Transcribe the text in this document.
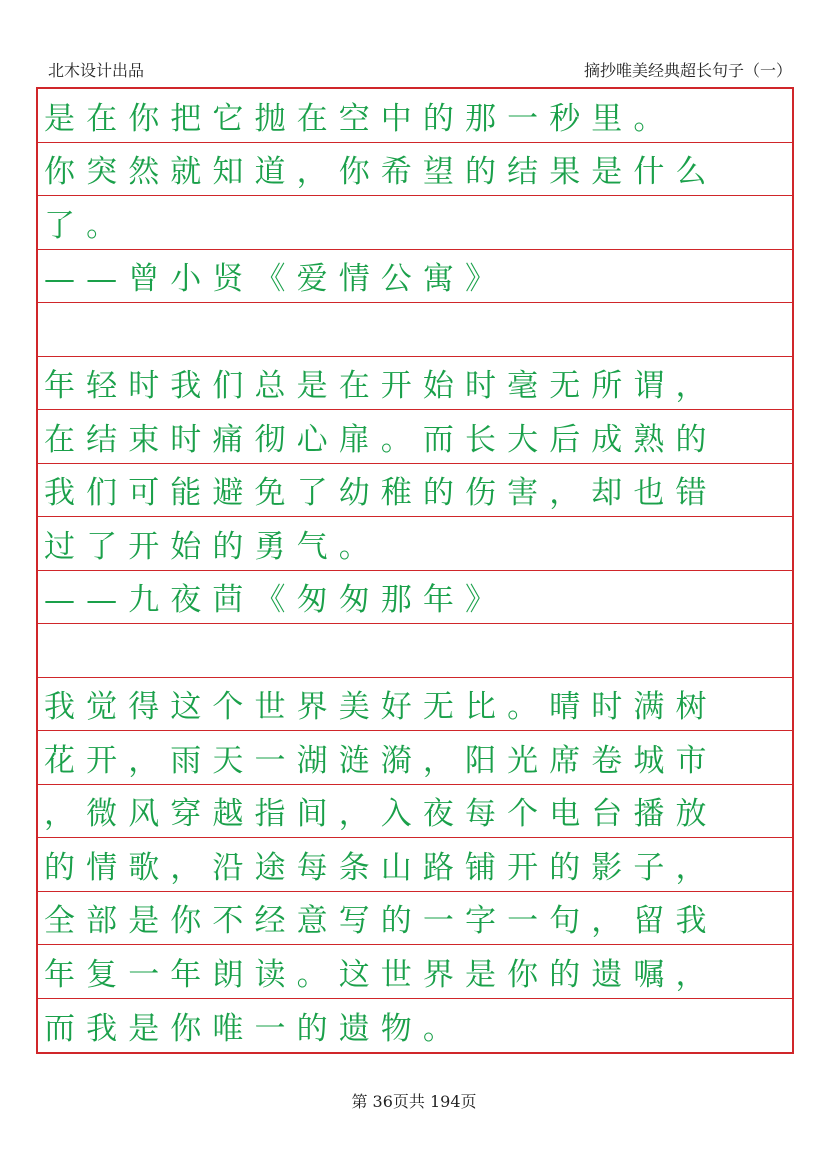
北木设计出品	摘抄唯美经典超长句子（一）
是在你把它抛在空中的那一秒里。
你突然就知道，你希望的结果是什么
了。
——曾小贤《爱情公寓》
年轻时我们总是在开始时毫无所谓，
在结束时痛彻心扉。而长大后成熟的
我们可能避免了幼稚的伤害，却也错
过了开始的勇气。
——九夜茴《匆匆那年》
我觉得这个世界美好无比。晴时满树
花开，雨天一湖涟漪，阳光席卷城市
，微风穿越指间，入夜每个电台播放
的情歌，沿途每条山路铺开的影子，
全部是你不经意写的一字一句，留我
年复一年朗读。这世界是你的遗嘱，
而我是你唯一的遗物。
第 36页共 194页
